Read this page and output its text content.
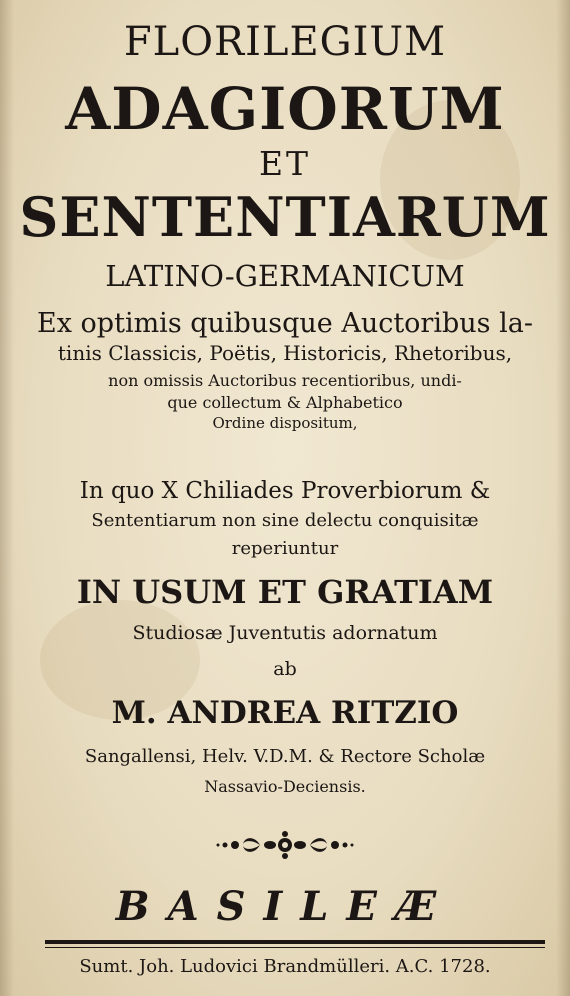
FLORILEGIUM
ADAGIORUM
ET
SENTENTIARUM
LATINO-GERMANICUM
Ex optimis quibusque Auctoribus la-
tinis Classicis, Poëtis, Historicis, Rhetoribus,
non omissis Auctoribus recentioribus, undi-
que collectum & Alphabetico
Ordine dispositum,
In quo X Chiliades Proverbiorum &
Sententiarum non sine delectu conquisitæ
reperiuntur
IN USUM ET GRATIAM
Studiosæ Juventutis adornatum
ab
M. ANDREA RITZIO
Sangallensi, Helv. V.D.M. & Rectore Scholæ
Nassavio-Deciensis.
BASILEÆ
Sumt. Joh. Ludovici Brandmülleri. A.C. 1728.
